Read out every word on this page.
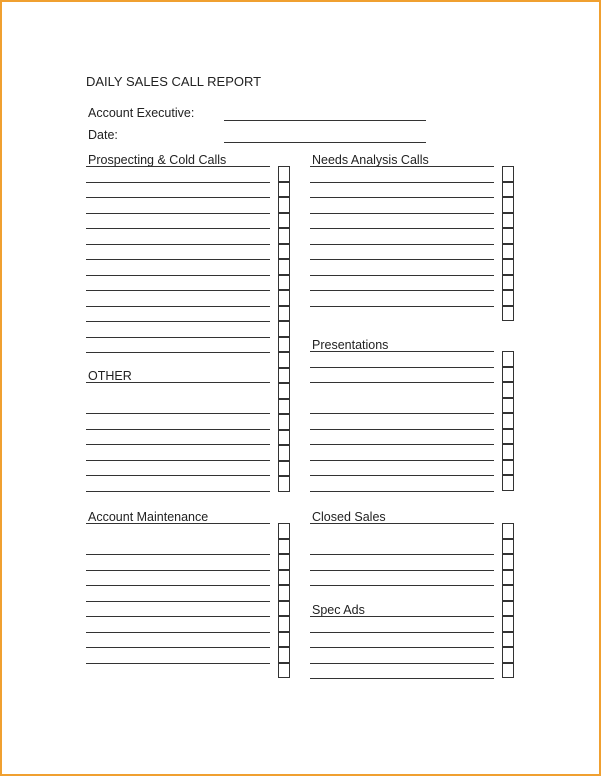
DAILY SALES CALL REPORT
Account Executive:
Date:
Prospecting & Cold Calls	Needs Analysis Calls
OTHER
Presentations
Account Maintenance	Closed Sales
Spec Ads
